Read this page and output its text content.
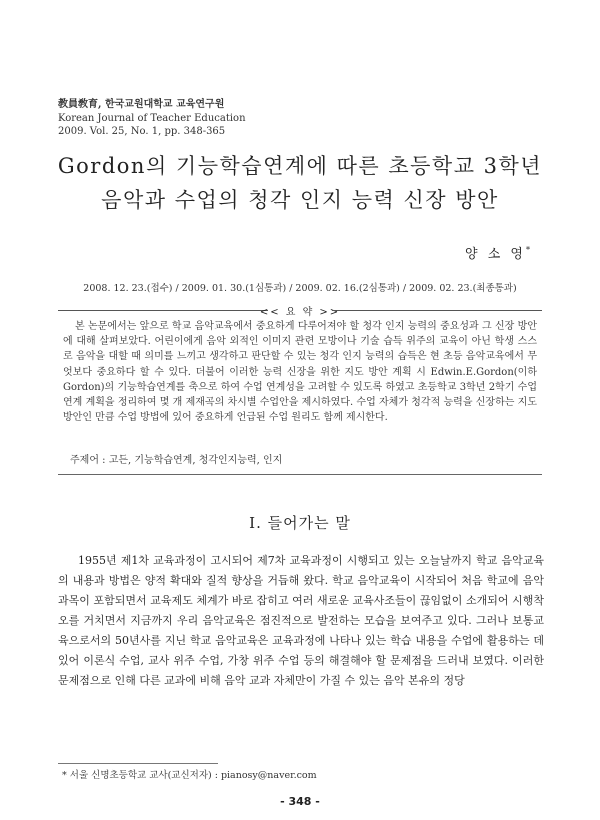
教員敎育, 한국교원대학교 교육연구원
Korean Journal of Teacher Education
2009. Vol. 25, No. 1, pp. 348-365
Gordon의 기능학습연계에 따른 초등학교 3학년
음악과 수업의 청각 인지 능력 신장 방안
양 소 영*
2008. 12. 23.(접수) / 2009. 01. 30.(1심통과) / 2009. 02. 16.(2심통과) / 2009. 02. 23.(최종통과)
<< 요 약 >>
본 논문에서는 앞으로 학교 음악교육에서 중요하게 다루어져야 할 청각 인지 능력의 중요성과 그 신장 방안에 대해 살펴보았다. 어린이에게 음악 외적인 이미지 관련 모방이나 기술 습득 위주의 교육이 아닌 학생 스스로 음악을 대할 때 의미를 느끼고 생각하고 판단할 수 있는 청각 인지 능력의 습득은 현 초등 음악교육에서 무엇보다 중요하다 할 수 있다. 더불어 이러한 능력 신장을 위한 지도 방안 계획 시 Edwin.E.Gordon(이하 Gordon)의 기능학습연계를 축으로 하여 수업 연계성을 고려할 수 있도록 하였고 초등학교 3학년 2학기 수업 연계 계획을 정리하여 몇 개 제재곡의 차시별 수업안을 제시하였다. 수업 자체가 청각적 능력을 신장하는 지도 방안인 만큼 수업 방법에 있어 중요하게 언급된 수업 원리도 함께 제시한다.
주제어 : 고든, 기능학습연계, 청각인지능력, 인지
Ⅰ. 들어가는 말
1955년 제1차 교육과정이 고시되어 제7차 교육과정이 시행되고 있는 오늘날까지 학교 음악교육의 내용과 방법은 양적 확대와 질적 향상을 거듭해 왔다. 학교 음악교육이 시작되어 처음 학교에 음악 과목이 포함되면서 교육제도 체계가 바로 잡히고 여러 새로운 교육사조들이 끊임없이 소개되어 시행착오를 거치면서 지금까지 우리 음악교육은 점진적으로 발전하는 모습을 보여주고 있다. 그러나 보통교육으로서의 50년사를 지닌 학교 음악교육은 교육과정에 나타나 있는 학습 내용을 수업에 활용하는 데 있어 이론식 수업, 교사 위주 수업, 가창 위주 수업 등의 해결해야 할 문제점을 드러내 보였다. 이러한 문제점으로 인해 다른 교과에 비해 음악 교과 자체만이 가질 수 있는 음악 본유의 정당
* 서울 신명초등학교 교사(교신저자) : pianosy@naver.com
- 348 -
